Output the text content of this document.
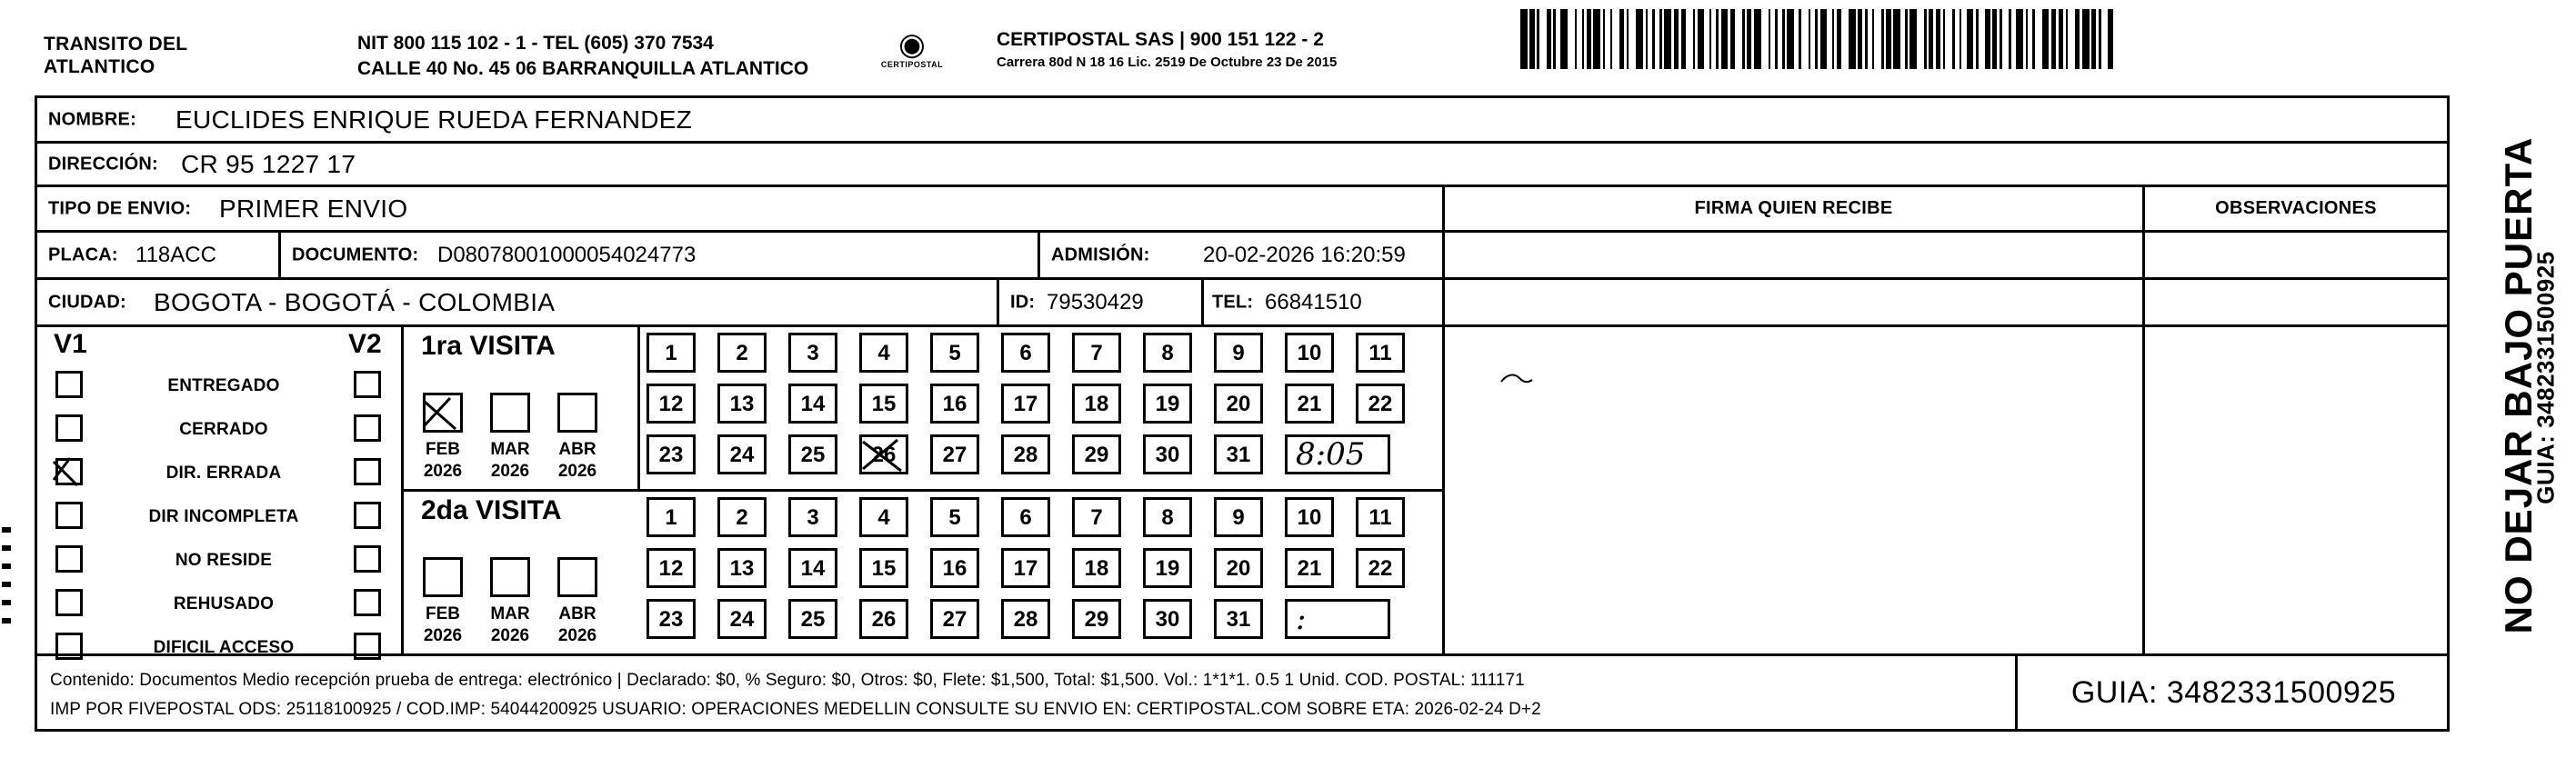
TRANSITO DEL
ATLANTICO
NIT 800 115 102 - 1 - TEL (605) 370 7534
CALLE 40 No. 45 06 BARRANQUILLA ATLANTICO
◉
CERTIPOSTAL
CERTIPOSTAL SAS | 900 151 122 - 2
Carrera 80d N 18 16 Lic. 2519 De Octubre 23 De 2015
NOMBRE: EUCLIDES ENRIQUE RUEDA FERNANDEZ
DIRECCIÓN: CR 95 1227 17
TIPO DE ENVIO: PRIMER ENVIO
PLACA: 118ACC	DOCUMENTO: D08078001000054024773	ADMISIÓN: 20-02-2026 16:20:59
CIUDAD: BOGOTA - BOGOTÁ - COLOMBIA	ID: 79530429	TEL: 66841510
FIRMA QUIEN RECIBE	OBSERVACIONES
V1	V2
ENTREGADO
CERRADO
DIR. ERRADA
DIR INCOMPLETA
NO RESIDE
REHUSADO
DIFICIL ACCESO
1ra VISITA
FEB	MAR	ABR
2026	2026	2026
2da VISITA
FEB	MAR	ABR
2026	2026	2026
1	2	3	4	5	6	7	8	9	10	11
12	13	14	15	16	17	18	19	20	21	22
23	24	25	26	27	28	29	30	31	8:05
1	2	3	4	5	6	7	8	9	10	11
12	13	14	15	16	17	18	19	20	21	22
23	24	25	26	27	28	29	30	31	:
Contenido: Documentos Medio recepción prueba de entrega: electrónico | Declarado: $0, % Seguro: $0, Otros: $0, Flete: $1,500, Total: $1,500. Vol.: 1*1*1. 0.5 1 Unid. COD. POSTAL: 111171
IMP POR FIVEPOSTAL ODS: 25118100925 / COD.IMP: 54044200925 USUARIO: OPERACIONES MEDELLIN CONSULTE SU ENVIO EN: CERTIPOSTAL.COM SOBRE ETA: 2026-02-24 D+2	GUIA: 3482331500925
NO DEJAR BAJO PUERTA
GUIA: 3482331500925
